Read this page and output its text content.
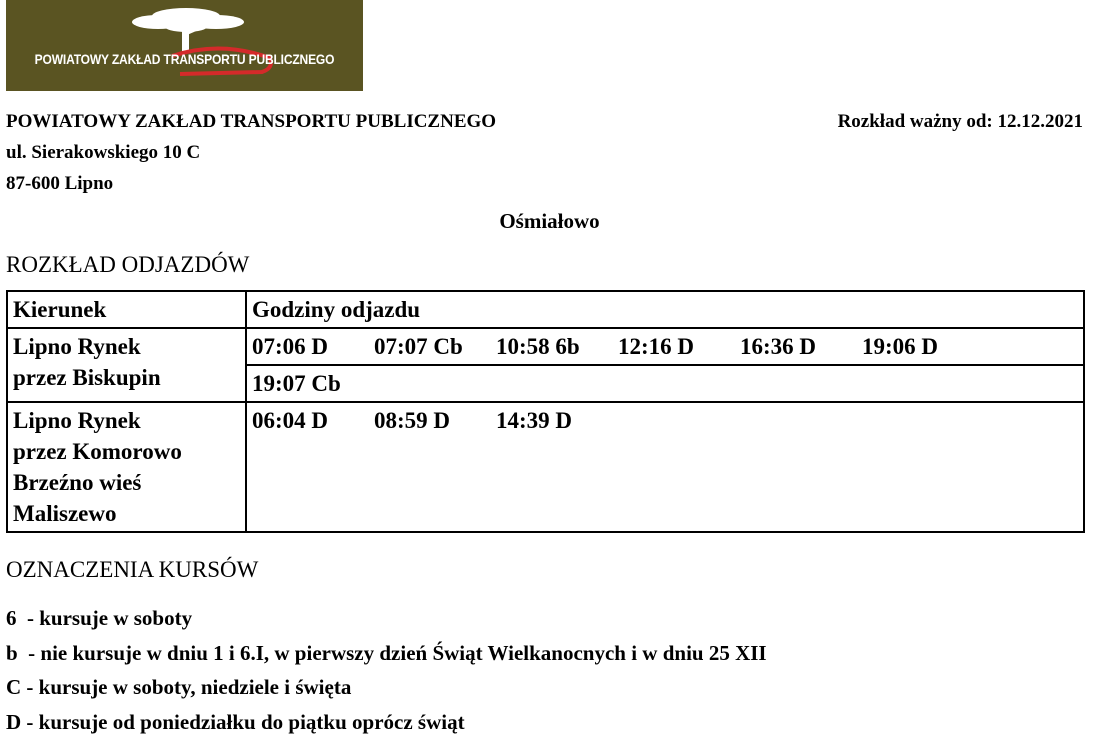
POWIATOWY ZAKŁAD TRANSPORTU PUBLICZNEGO
POWIATOWY ZAKŁAD TRANSPORTU PUBLICZNEGO
ul. Sierakowskiego 10 C
87-600 Lipno
Rozkład ważny od: 12.12.2021
Ośmiałowo
ROZKŁAD ODJAZDÓW
Kierunek	Godziny odjazdu

Lipno Rynek
przez Biskupin	07:06 D 07:07 Cb 10:58 6b 12:16 D 16:36 D 19:06 D
	19:07 Cb

Lipno Rynek
przez Komorowo
Brzeźno wieś
Maliszewo	06:04 D 08:59 D 14:39 D
OZNACZENIA KURSÓW
6  - kursuje w soboty
b  - nie kursuje w dniu 1 i 6.I, w pierwszy dzień Świąt Wielkanocnych i w dniu 25 XII
C - kursuje w soboty, niedziele i święta
D - kursuje od poniedziałku do piątku oprócz świąt
